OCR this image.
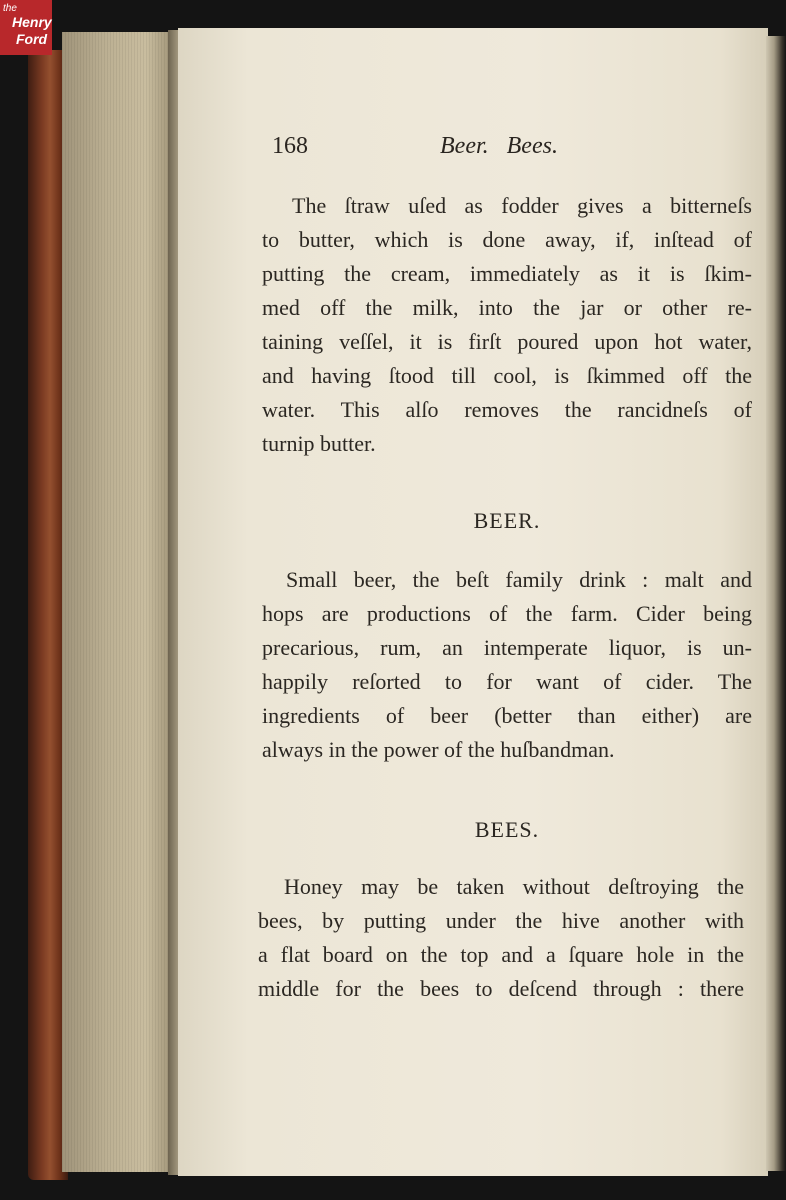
the
Henry
Ford
168	Beer. Bees.
The ſtraw uſed as fodder gives a bitterneſs
to butter, which is done away, if, inſtead of
putting the cream, immediately as it is ſkim-
med off the milk, into the jar or other re-
taining veſſel, it is firſt poured upon hot water,
and having ſtood till cool, is ſkimmed off the
water. This alſo removes the rancidneſs of
turnip butter.
BEER.
Small beer, the beſt family drink : malt and
hops are productions of the farm. Cider being
precarious, rum, an intemperate liquor, is un-
happily reſorted to for want of cider. The
ingredients of beer (better than either) are
always in the power of the huſbandman.
BEES.
Honey may be taken without deſtroying the
bees, by putting under the hive another with
a flat board on the top and a ſquare hole in the
middle for the bees to deſcend through : there
